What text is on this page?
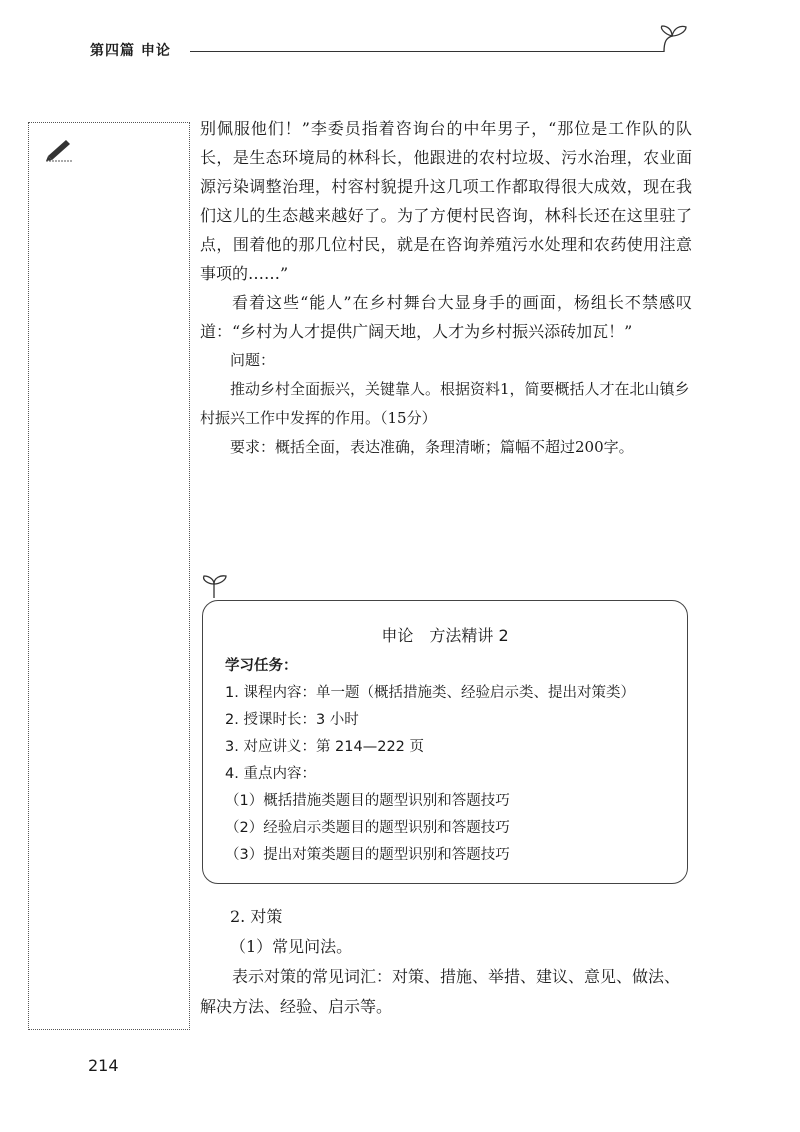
第四篇 申论

别佩服他们！”李委员指着咨询台的中年男子，“那位是工作队的队长，是生态环境局的林科长，他跟进的农村垃圾、污水治理，农业面源污染调整治理，村容村貌提升这几项工作都取得很大成效，现在我们这儿的生态越来越好了。为了方便村民咨询，林科长还在这里驻了点，围着他的那几位村民，就是在咨询养殖污水处理和农药使用注意事项的……”

看着这些“能人”在乡村舞台大显身手的画面，杨组长不禁感叹道：“乡村为人才提供广阔天地，人才为乡村振兴添砖加瓦！”

问题：
推动乡村全面振兴，关键靠人。根据资料1，简要概括人才在北山镇乡村振兴工作中发挥的作用。（15分）
要求：概括全面，表达准确，条理清晰；篇幅不超过200字。
申论　方法精讲 2
学习任务：
1. 课程内容：单一题（概括措施类、经验启示类、提出对策类）
2. 授课时长：3 小时
3. 对应讲义：第 214—222 页
4. 重点内容：
（1）概括措施类题目的题型识别和答题技巧
（2）经验启示类题目的题型识别和答题技巧
（3）提出对策类题目的题型识别和答题技巧

2. 对策

（1）常见问法。

表示对策的常见词汇：对策、措施、举措、建议、意见、做法、解决方法、经验、启示等。

214
